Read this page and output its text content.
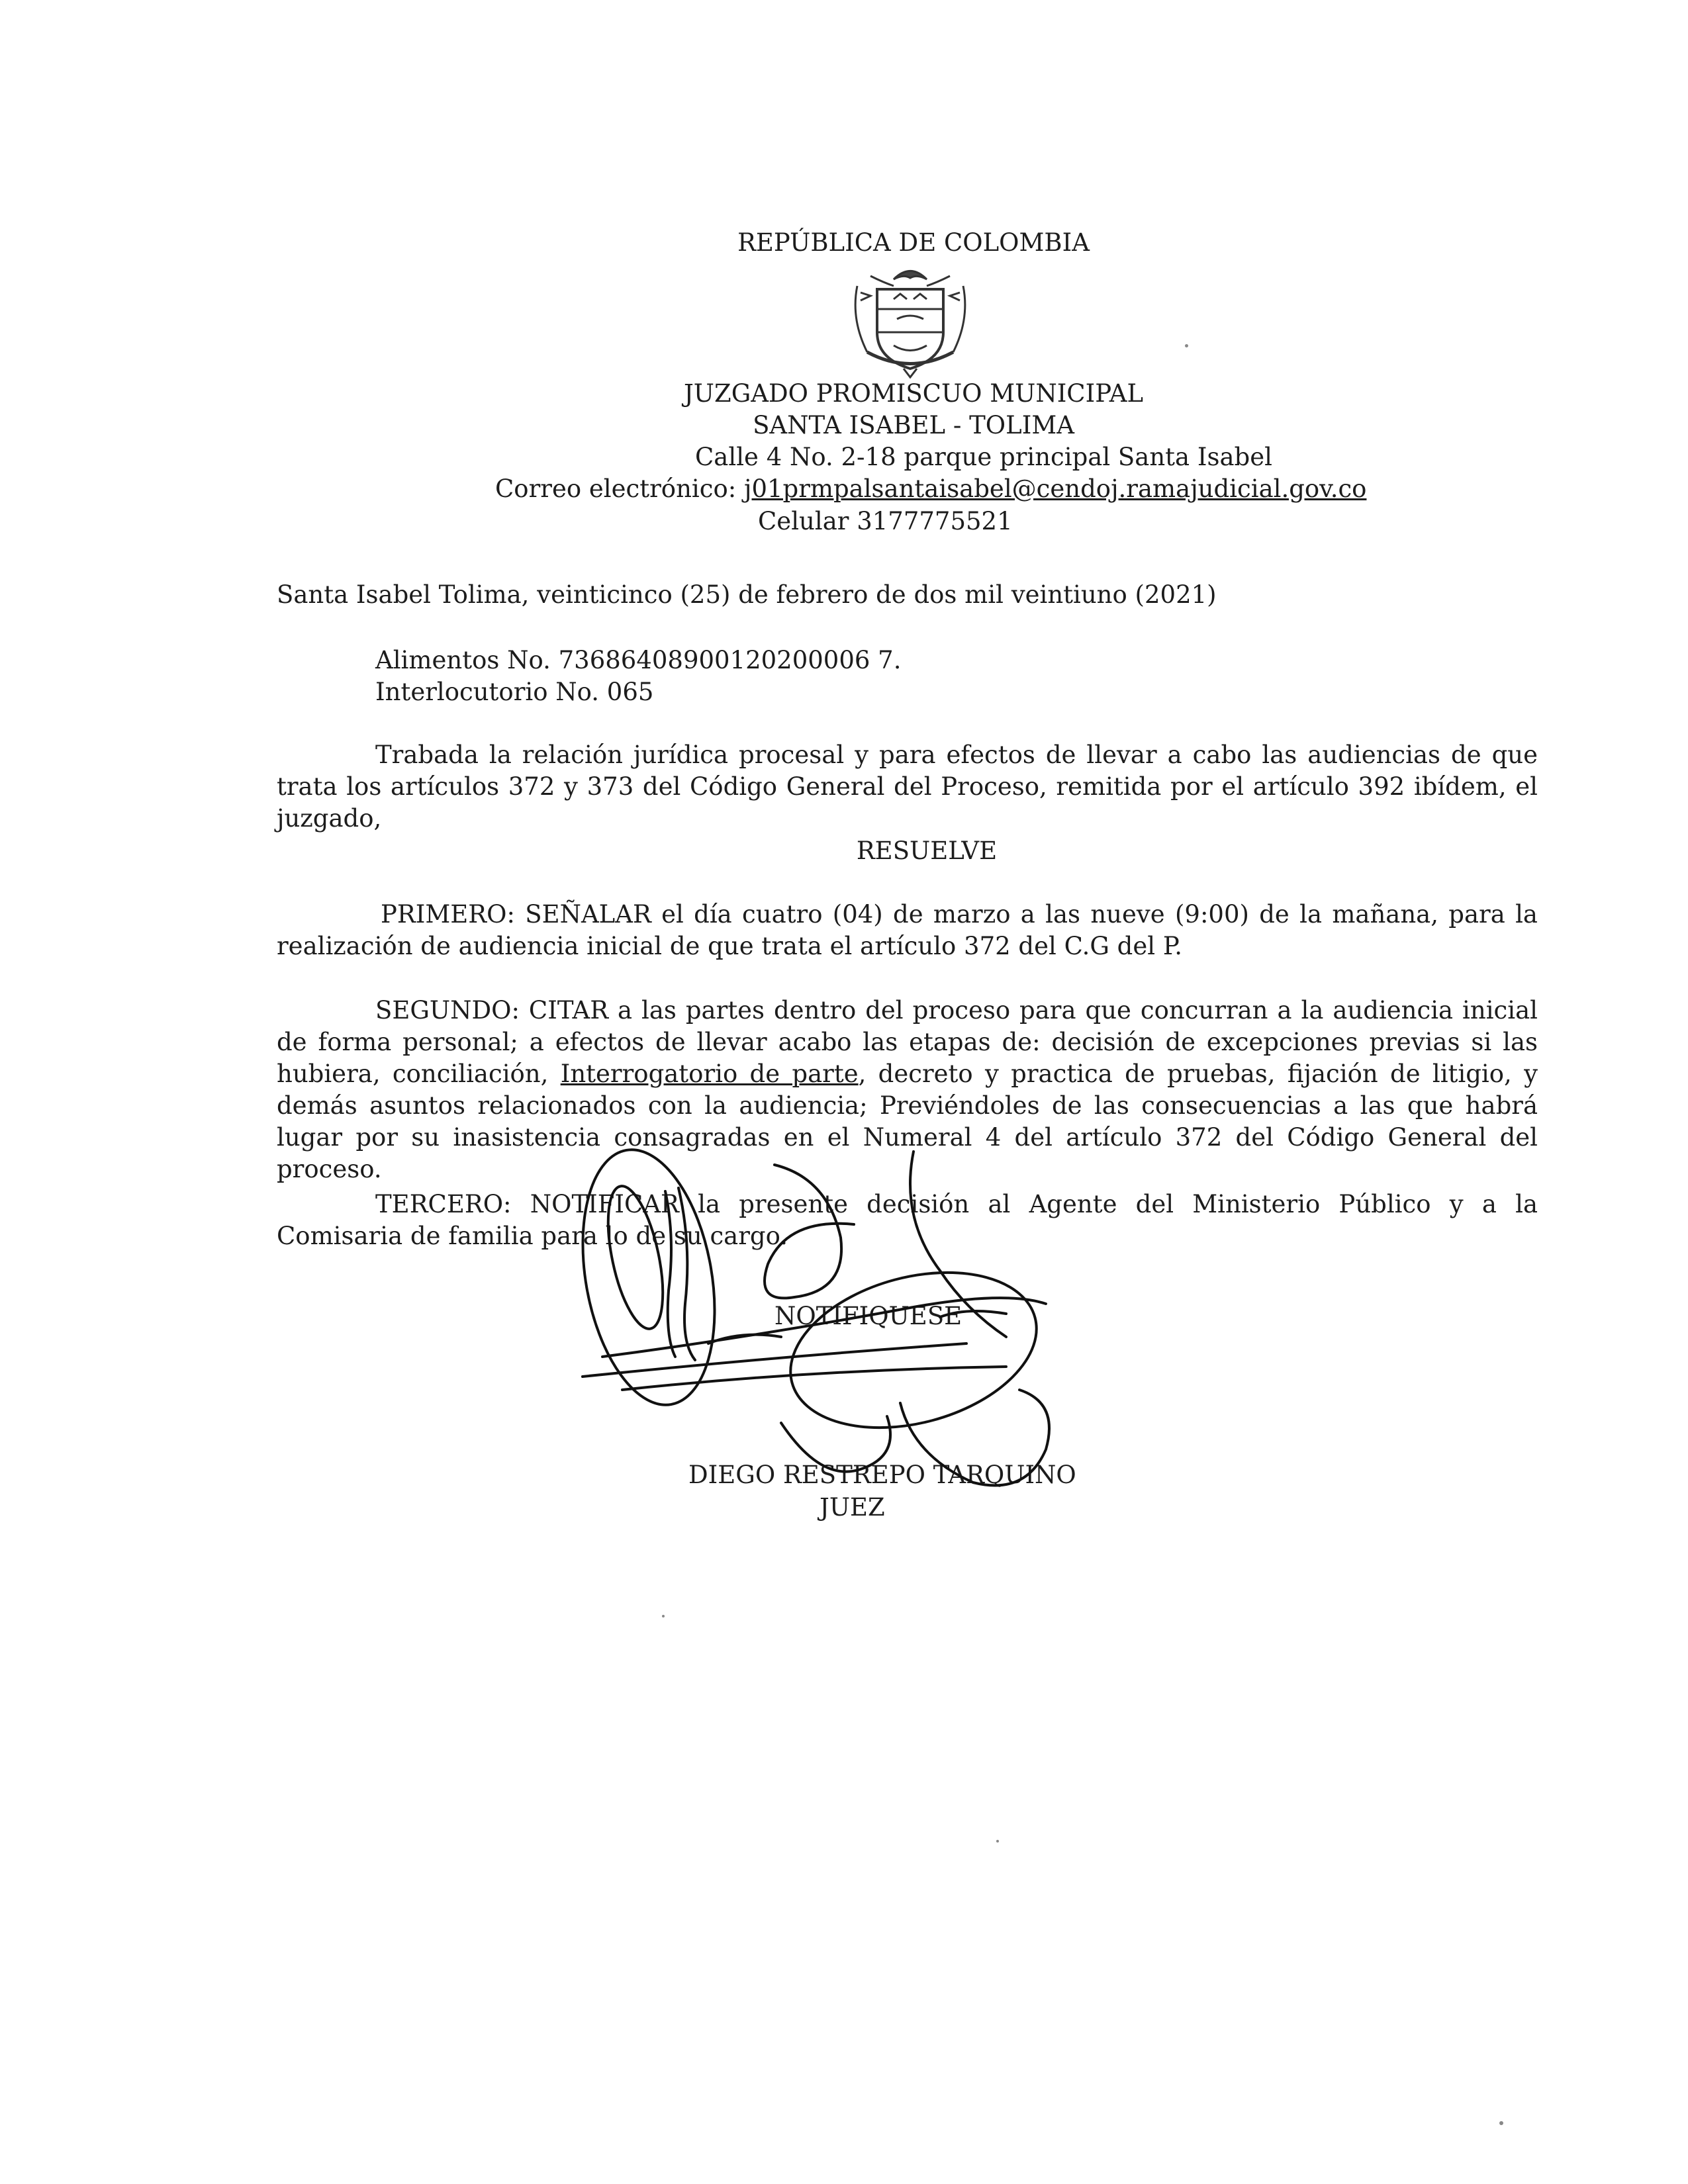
REPÚBLICA DE COLOMBIA

JUZGADO PROMISCUO MUNICIPAL

SANTA ISABEL - TOLIMA

Calle 4 No. 2-18 parque principal Santa Isabel

Correo electrónico: j01prmpalsantaisabel@cendoj.ramajudicial.gov.co

Celular 3177775521

Santa Isabel Tolima, veinticinco (25) de febrero de dos mil veintiuno (2021)

Alimentos No. 73686408900120200006 7.

Interlocutorio No. 065

Trabada la relación jurídica procesal y para efectos de llevar a cabo las audiencias de que trata los artículos 372 y 373 del Código General del Proceso, remitida por el artículo 392 ibídem, el juzgado,

RESUELVE

PRIMERO: SEÑALAR el día cuatro (04) de marzo a las nueve (9:00) de la mañana, para la realización de audiencia inicial de que trata el artículo 372 del C.G del P.

SEGUNDO: CITAR a las partes dentro del proceso para que concurran a la audiencia inicial de forma personal; a efectos de llevar acabo las etapas de: decisión de excepciones previas si las hubiera, conciliación, Interrogatorio de parte, decreto y practica de pruebas, fijación de litigio, y demás asuntos relacionados con la audiencia; Previéndoles de las consecuencias a las que habrá lugar por su inasistencia consagradas en el Numeral 4 del artículo 372 del Código General del proceso.

TERCERO: NOTIFICAR la presente decisión al Agente del Ministerio Público y a la Comisaria de familia para lo de su cargo.

NOTIFIQUESE

DIEGO RESTREPO TARQUINO

JUEZ
